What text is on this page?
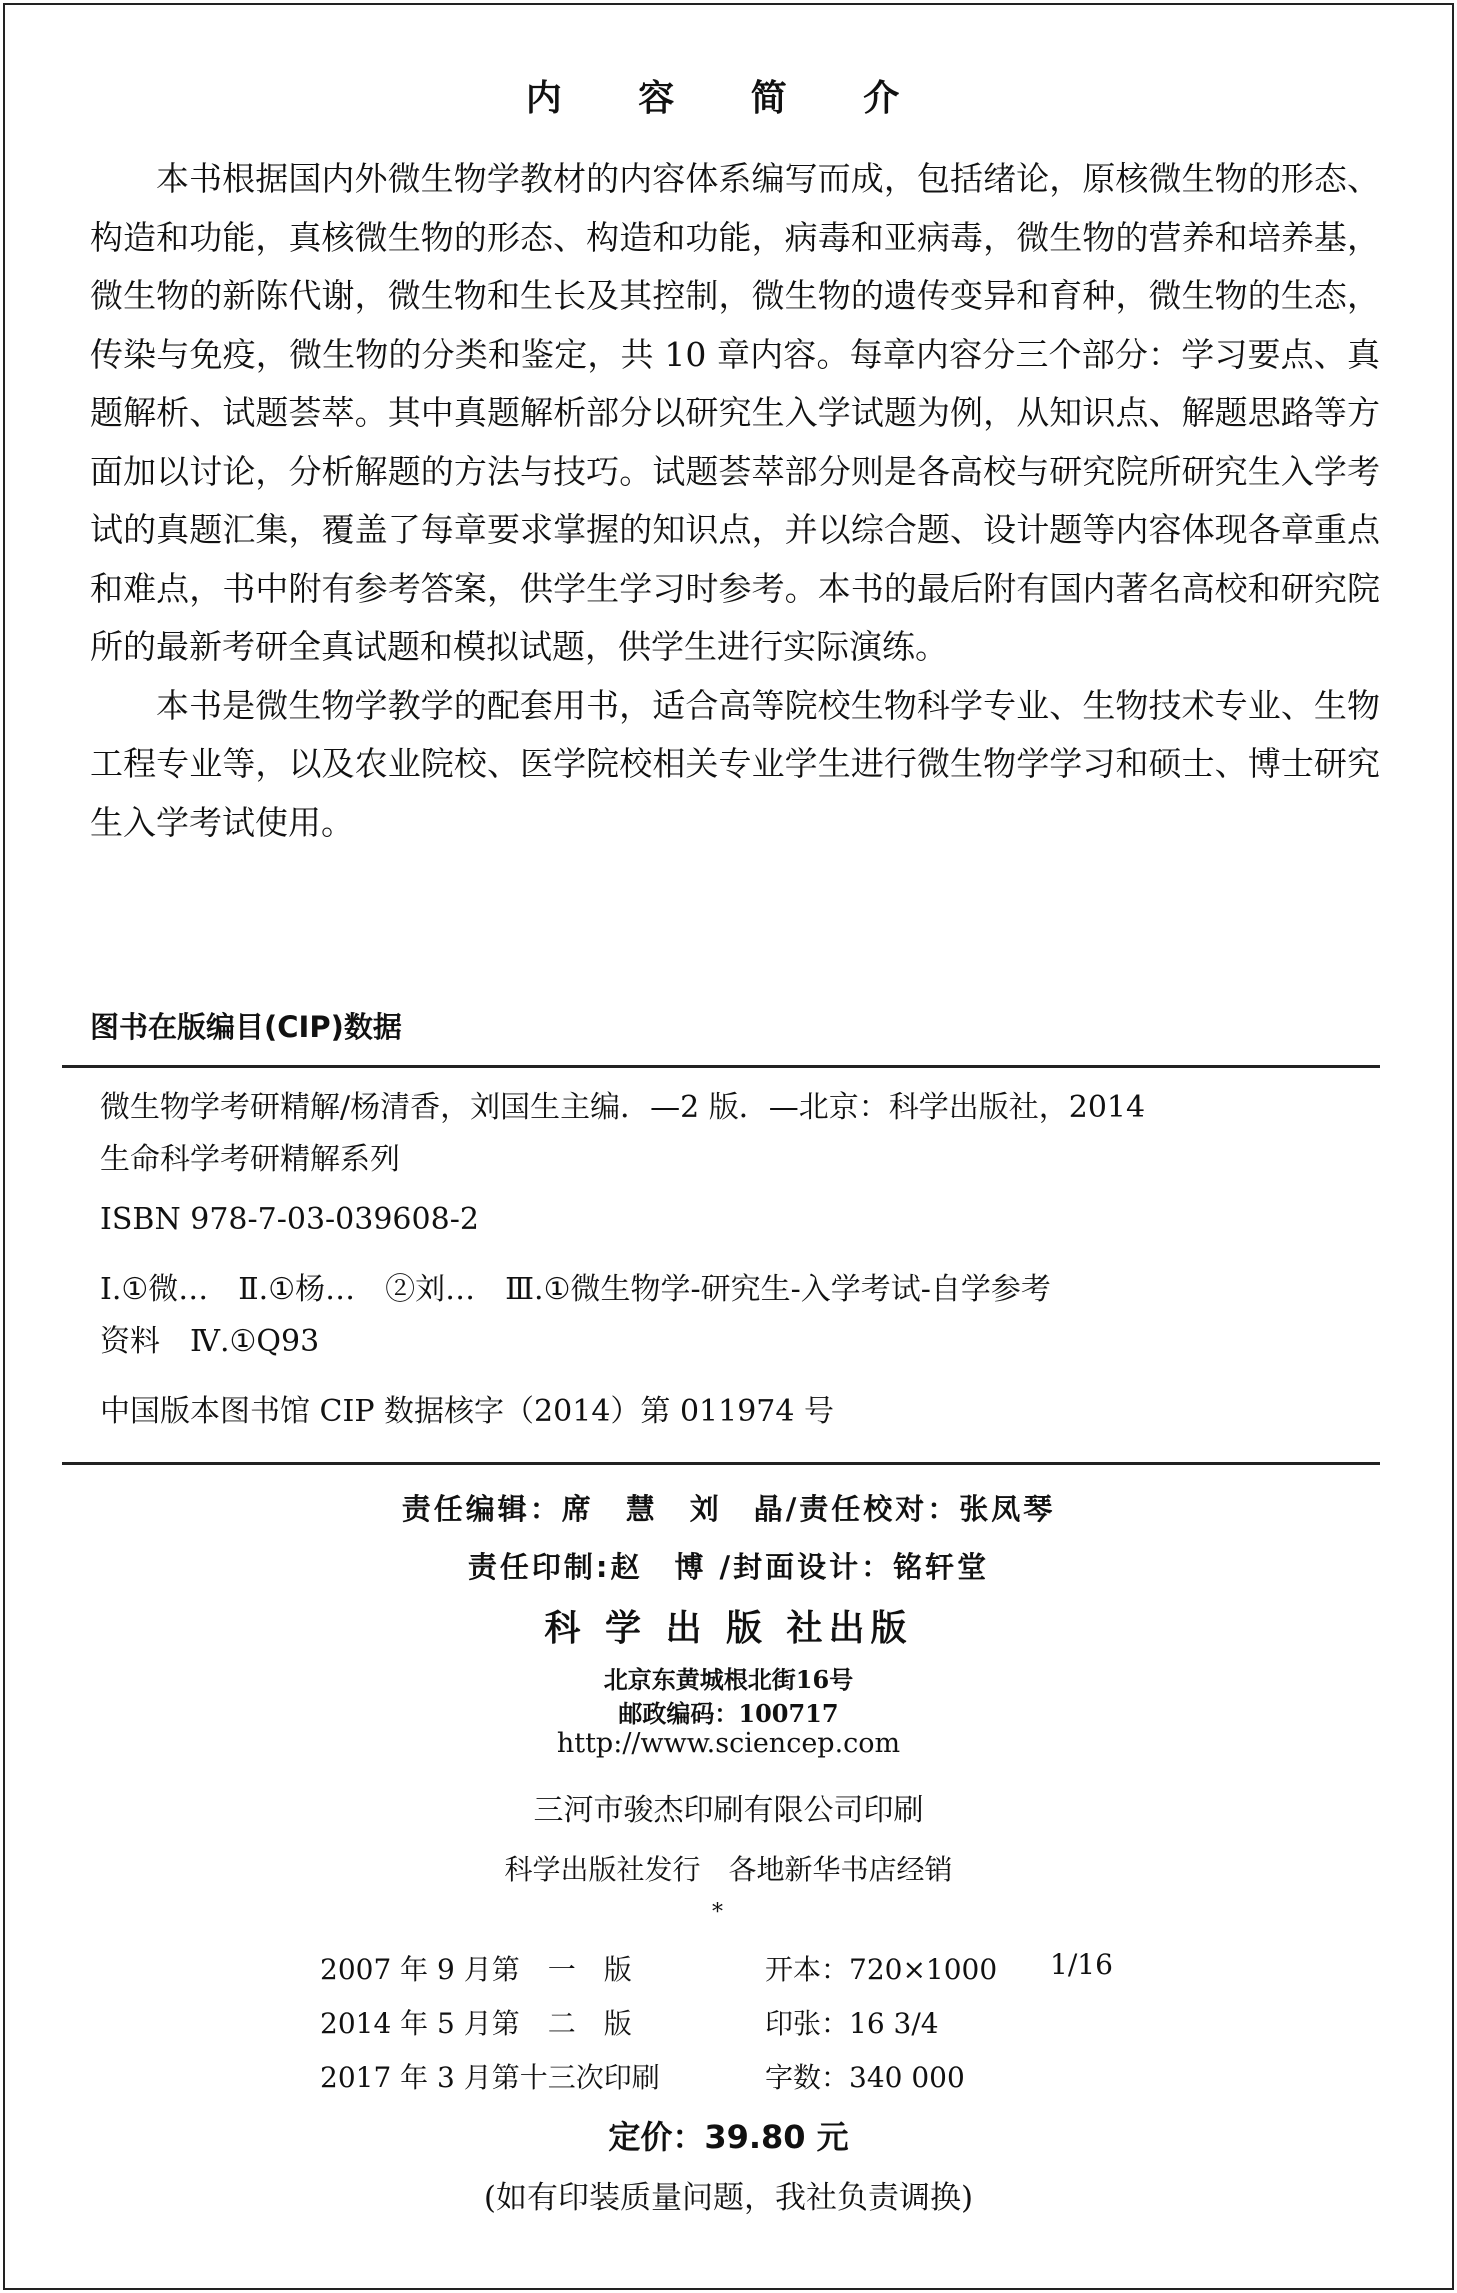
内 容 简 介

本书根据国内外微生物学教材的内容体系编写而成，包括绪论，原核微生物的形态、构造和功能，真核微生物的形态、构造和功能，病毒和亚病毒，微生物的营养和培养基，微生物的新陈代谢，微生物和生长及其控制，微生物的遗传变异和育种，微生物的生态，传染与免疫，微生物的分类和鉴定，共 10 章内容。每章内容分三个部分：学习要点、真题解析、试题荟萃。其中真题解析部分以研究生入学试题为例，从知识点、解题思路等方面加以讨论，分析解题的方法与技巧。试题荟萃部分则是各高校与研究院所研究生入学考试的真题汇集，覆盖了每章要求掌握的知识点，并以综合题、设计题等内容体现各章重点和难点，书中附有参考答案，供学生学习时参考。本书的最后附有国内著名高校和研究院所的最新考研全真试题和模拟试题，供学生进行实际演练。

本书是微生物学教学的配套用书，适合高等院校生物科学专业、生物技术专业、生物工程专业等，以及农业院校、医学院校相关专业学生进行微生物学学习和硕士、博士研究生入学考试使用。

图书在版编目(CIP)数据
微生物学考研精解/杨清香，刘国生主编．—2 版．—北京：科学出版社，2014
生命科学考研精解系列
ISBN 978-7-03-039608-2
Ⅰ.①微…　Ⅱ.①杨…　②刘…　Ⅲ.①微生物学-研究生-入学考试-自学参考
资料　Ⅳ.①Q93
中国版本图书馆 CIP 数据核字（2014）第 011974 号
责任编辑：席　慧　刘　晶/责任校对：张凤琴
责任印制:赵　博 /封面设计：铭轩堂
科 学 出 版 社出版
北京东黄城根北街16号
邮政编码：100717
http://www.sciencep.com
三河市骏杰印刷有限公司印刷
科学出版社发行　各地新华书店经销
*
2007 年 9 月第　一　版	开本：720×1000 1/16
2014 年 5 月第　二　版	印张：16 3/4
2017 年 3 月第十三次印刷	字数：340 000
定价：39.80 元
(如有印装质量问题，我社负责调换)
